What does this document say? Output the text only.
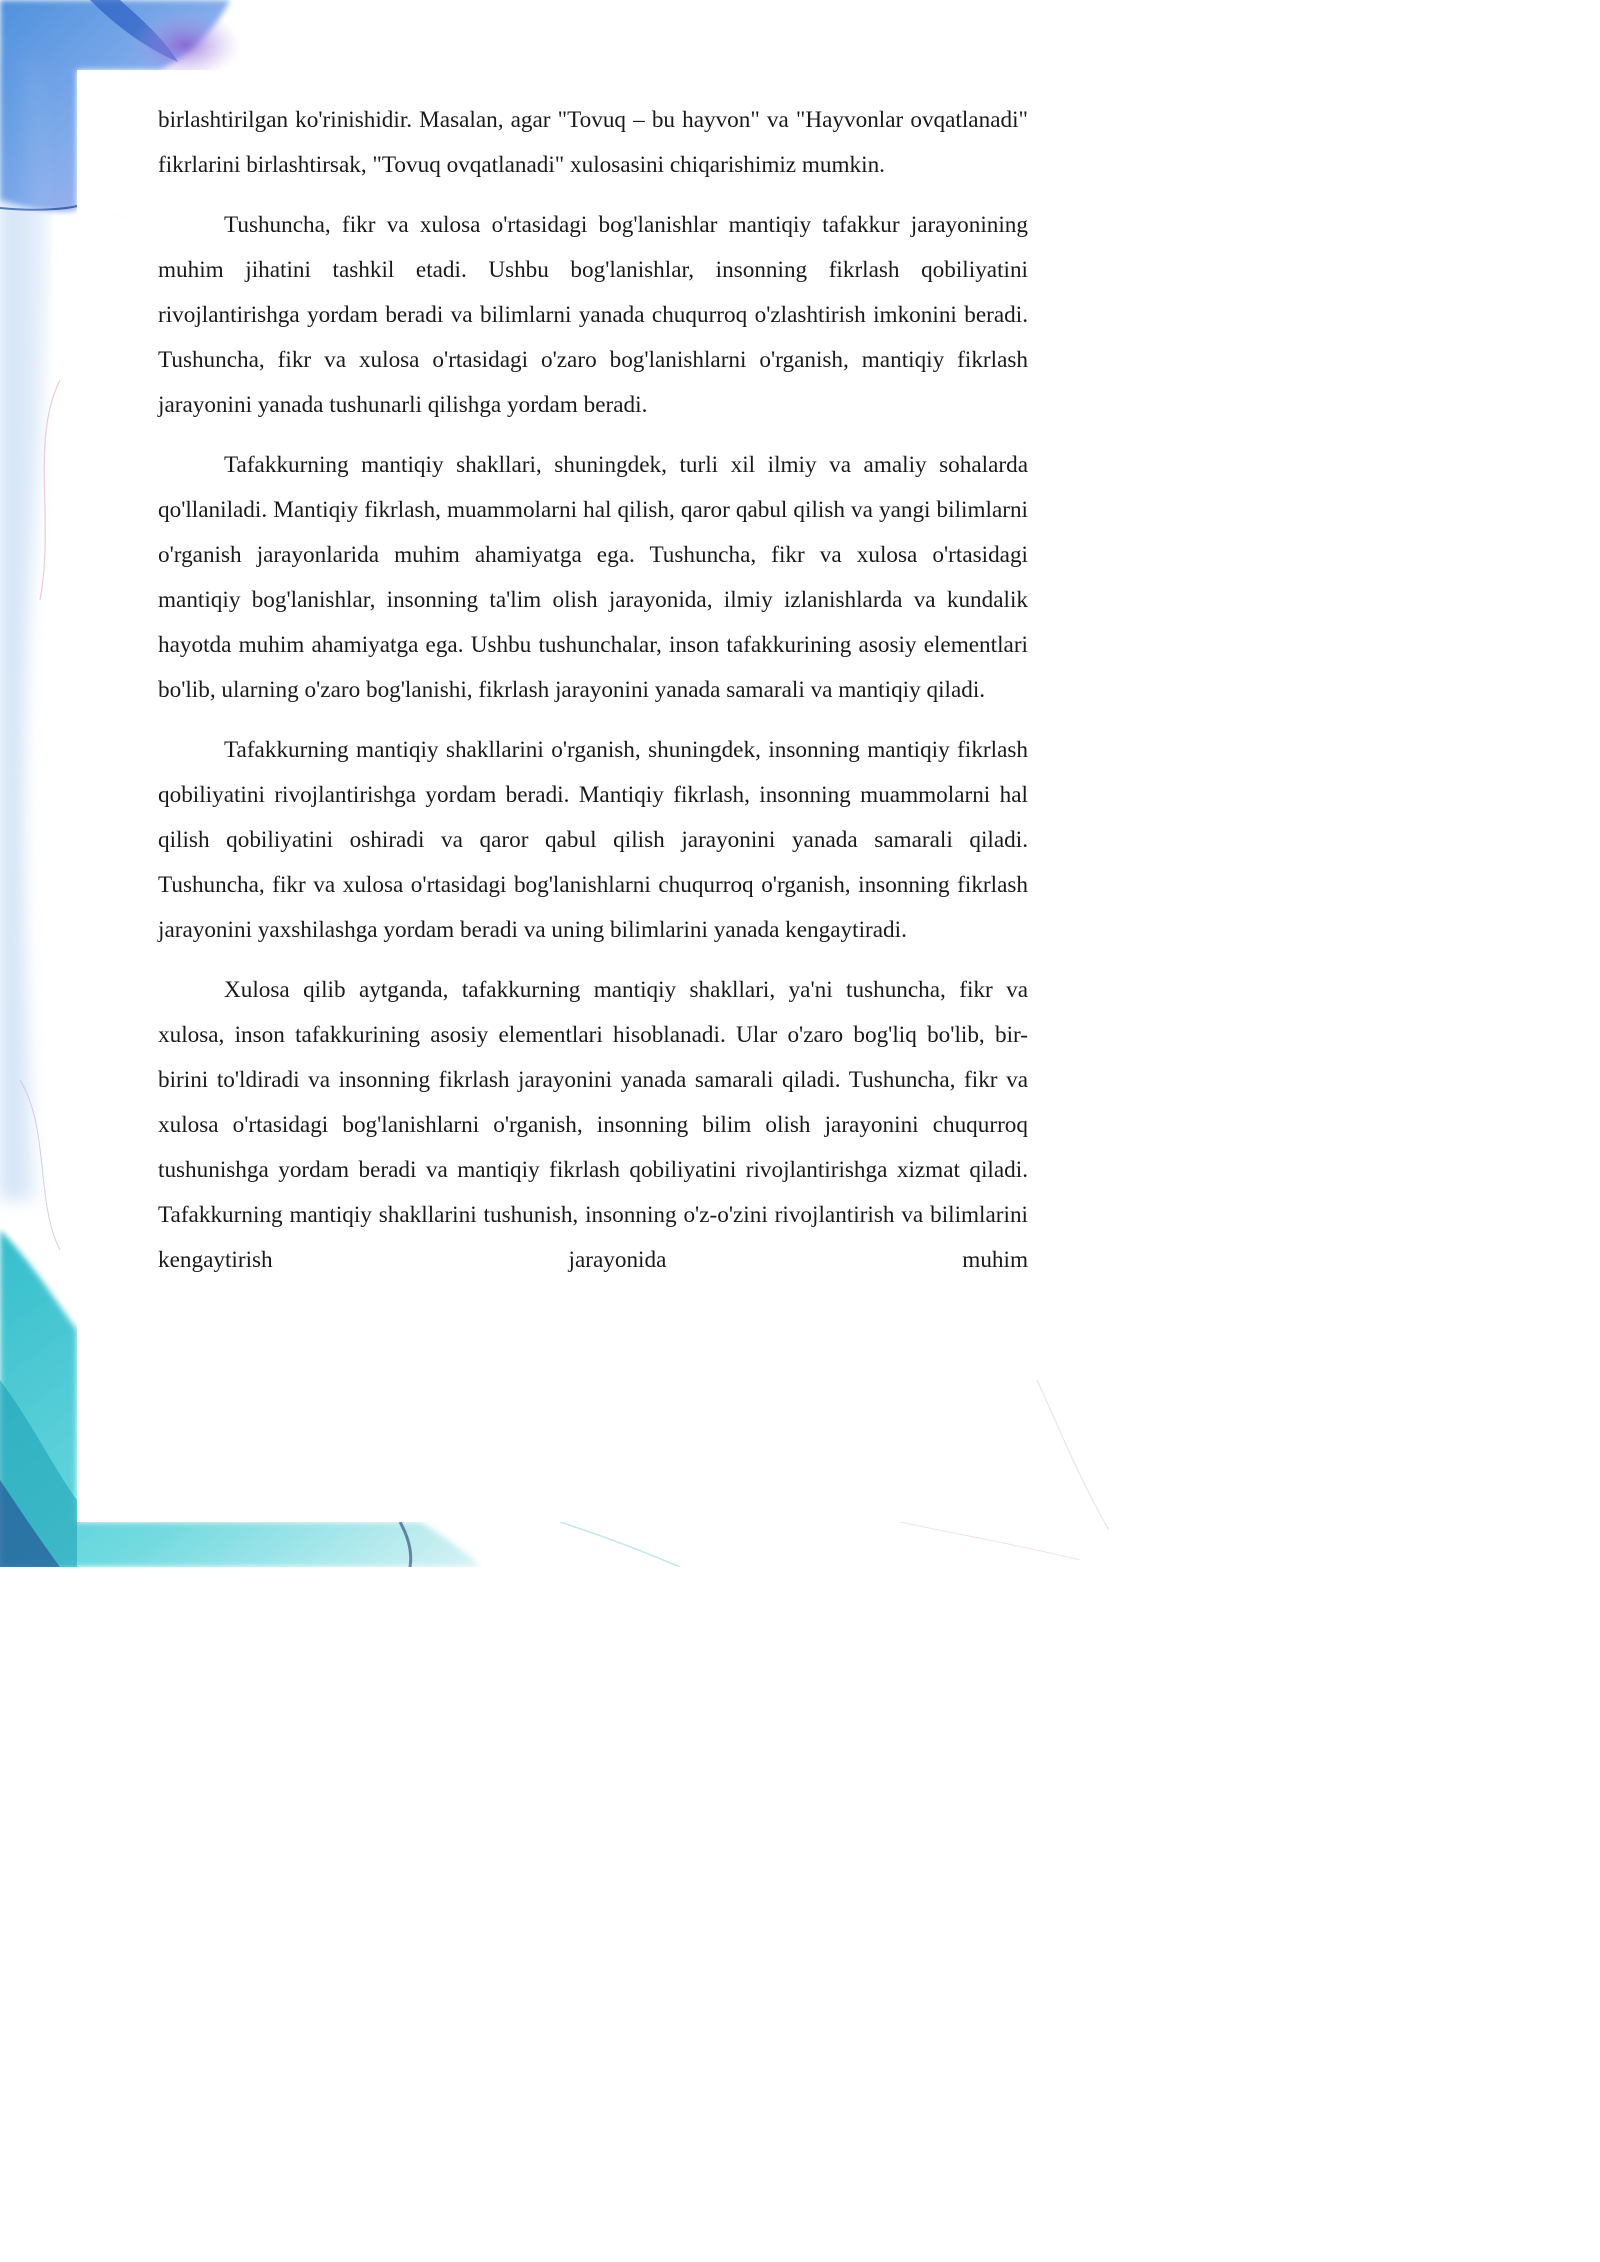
birlashtirilgan ko'rinishidir. Masalan, agar "Tovuq – bu hayvon" va "Hayvonlar ovqatlanadi" fikrlarini birlashtirsak, "Tovuq ovqatlanadi" xulosasini chiqarishimiz mumkin.

Tushuncha, fikr va xulosa o'rtasidagi bog'lanishlar mantiqiy tafakkur jarayonining muhim jihatini tashkil etadi. Ushbu bog'lanishlar, insonning fikrlash qobiliyatini rivojlantirishga yordam beradi va bilimlarni yanada chuqurroq o'zlashtirish imkonini beradi. Tushuncha, fikr va xulosa o'rtasidagi o'zaro bog'lanishlarni o'rganish, mantiqiy fikrlash jarayonini yanada tushunarli qilishga yordam beradi.

Tafakkurning mantiqiy shakllari, shuningdek, turli xil ilmiy va amaliy sohalarda qo'llaniladi. Mantiqiy fikrlash, muammolarni hal qilish, qaror qabul qilish va yangi bilimlarni o'rganish jarayonlarida muhim ahamiyatga ega. Tushuncha, fikr va xulosa o'rtasidagi mantiqiy bog'lanishlar, insonning ta'lim olish jarayonida, ilmiy izlanishlarda va kundalik hayotda muhim ahamiyatga ega. Ushbu tushunchalar, inson tafakkurining asosiy elementlari bo'lib, ularning o'zaro bog'lanishi, fikrlash jarayonini yanada samarali va mantiqiy qiladi.

Tafakkurning mantiqiy shakllarini o'rganish, shuningdek, insonning mantiqiy fikrlash qobiliyatini rivojlantirishga yordam beradi. Mantiqiy fikrlash, insonning muammolarni hal qilish qobiliyatini oshiradi va qaror qabul qilish jarayonini yanada samarali qiladi. Tushuncha, fikr va xulosa o'rtasidagi bog'lanishlarni chuqurroq o'rganish, insonning fikrlash jarayonini yaxshilashga yordam beradi va uning bilimlarini yanada kengaytiradi.

Xulosa qilib aytganda, tafakkurning mantiqiy shakllari, ya'ni tushuncha, fikr va xulosa, inson tafakkurining asosiy elementlari hisoblanadi. Ular o'zaro bog'liq bo'lib, bir-birini to'ldiradi va insonning fikrlash jarayonini yanada samarali qiladi. Tushuncha, fikr va xulosa o'rtasidagi bog'lanishlarni o'rganish, insonning bilim olish jarayonini chuqurroq tushunishga yordam beradi va mantiqiy fikrlash qobiliyatini rivojlantirishga xizmat qiladi. Tafakkurning mantiqiy shakllarini tushunish, insonning o'z-o'zini rivojlantirish va bilimlarini kengaytirish jarayonida muhim
